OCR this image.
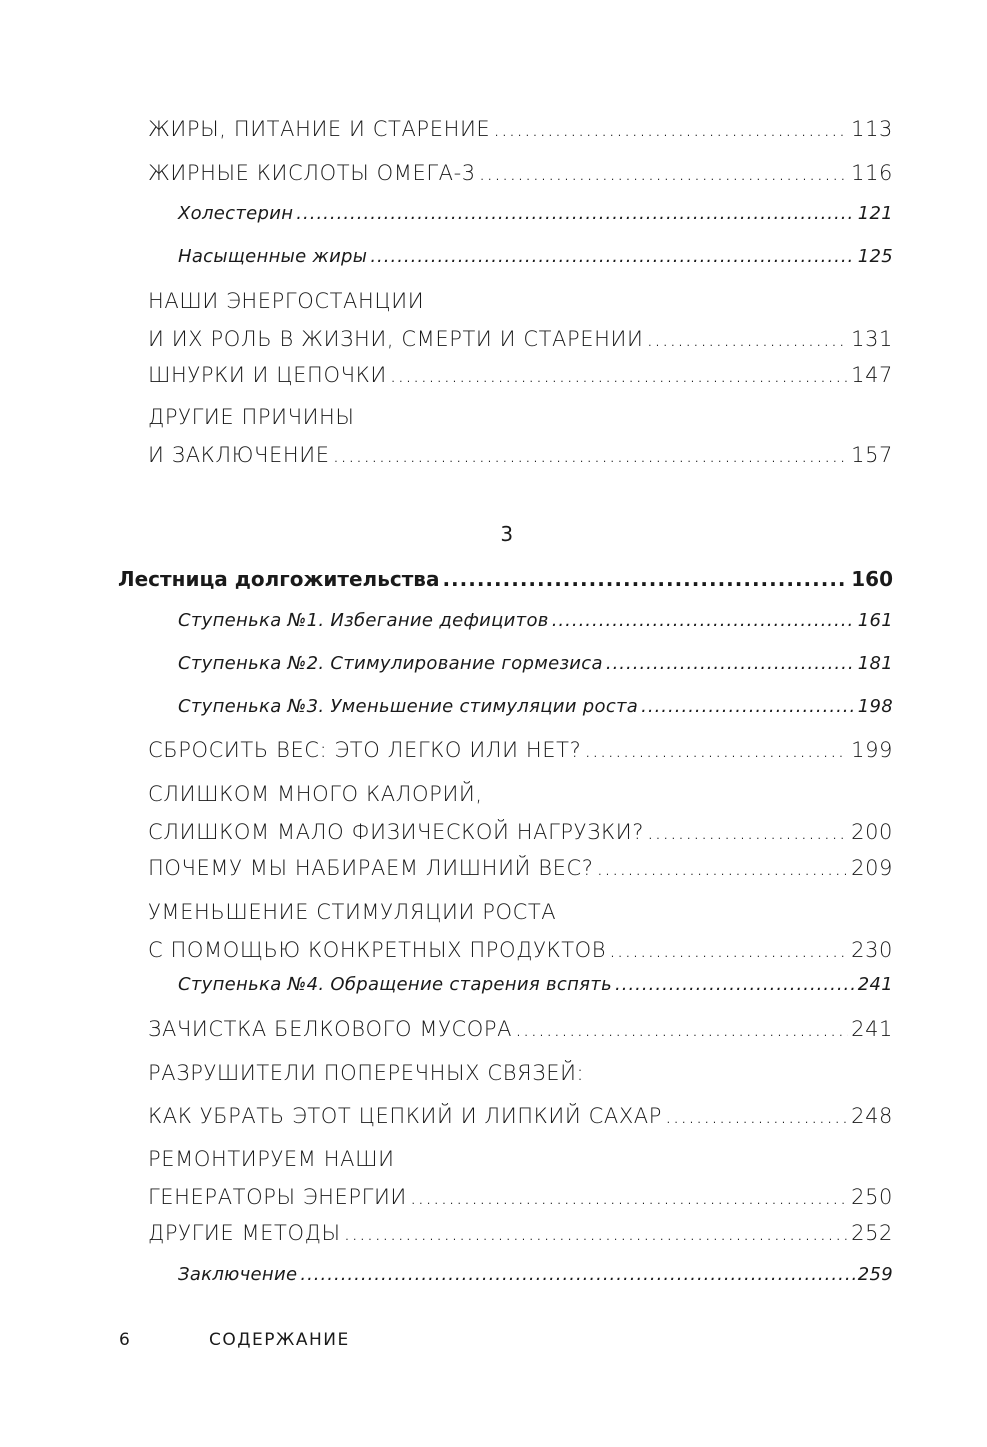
ЖИРЫ, ПИТАНИЕ И СТАРЕНИЕ .....	113
ЖИРНЫЕ КИСЛОТЫ ОМЕГА-3 .....	116
Холестерин .....	121
Насыщенные жиры .....	125
НАШИ ЭНЕРГОСТАНЦИИ
И ИХ РОЛЬ В ЖИЗНИ, СМЕРТИ И СТАРЕНИИ .....	131
ШНУРКИ И ЦЕПОЧКИ .....	147
ДРУГИЕ ПРИЧИНЫ
И ЗАКЛЮЧЕНИЕ .....	157
3
Лестница долгожительства .....	160
Ступенька №1. Избегание дефицитов .....	161
Ступенька №2. Стимулирование гормезиса .....	181
Ступенька №3. Уменьшение стимуляции роста .....	198
СБРОСИТЬ ВЕС: ЭТО ЛЕГКО ИЛИ НЕТ? .....	199
СЛИШКОМ МНОГО КАЛОРИЙ,
СЛИШКОМ МАЛО ФИЗИЧЕСКОЙ НАГРУЗКИ? .....	200
ПОЧЕМУ МЫ НАБИРАЕМ ЛИШНИЙ ВЕС? .....	209
УМЕНЬШЕНИЕ СТИМУЛЯЦИИ РОСТА
С ПОМОЩЬЮ КОНКРЕТНЫХ ПРОДУКТОВ .....	230
Ступенька №4. Обращение старения вспять .....	241
ЗАЧИСТКА БЕЛКОВОГО МУСОРА .....	241
РАЗРУШИТЕЛИ ПОПЕРЕЧНЫХ СВЯЗЕЙ:
КАК УБРАТЬ ЭТОТ ЦЕПКИЙ И ЛИПКИЙ САХАР .....	248
РЕМОНТИРУЕМ НАШИ
ГЕНЕРАТОРЫ ЭНЕРГИИ .....	250
ДРУГИЕ МЕТОДЫ .....	252
Заключение .....	259
6	СОДЕРЖАНИЕ
